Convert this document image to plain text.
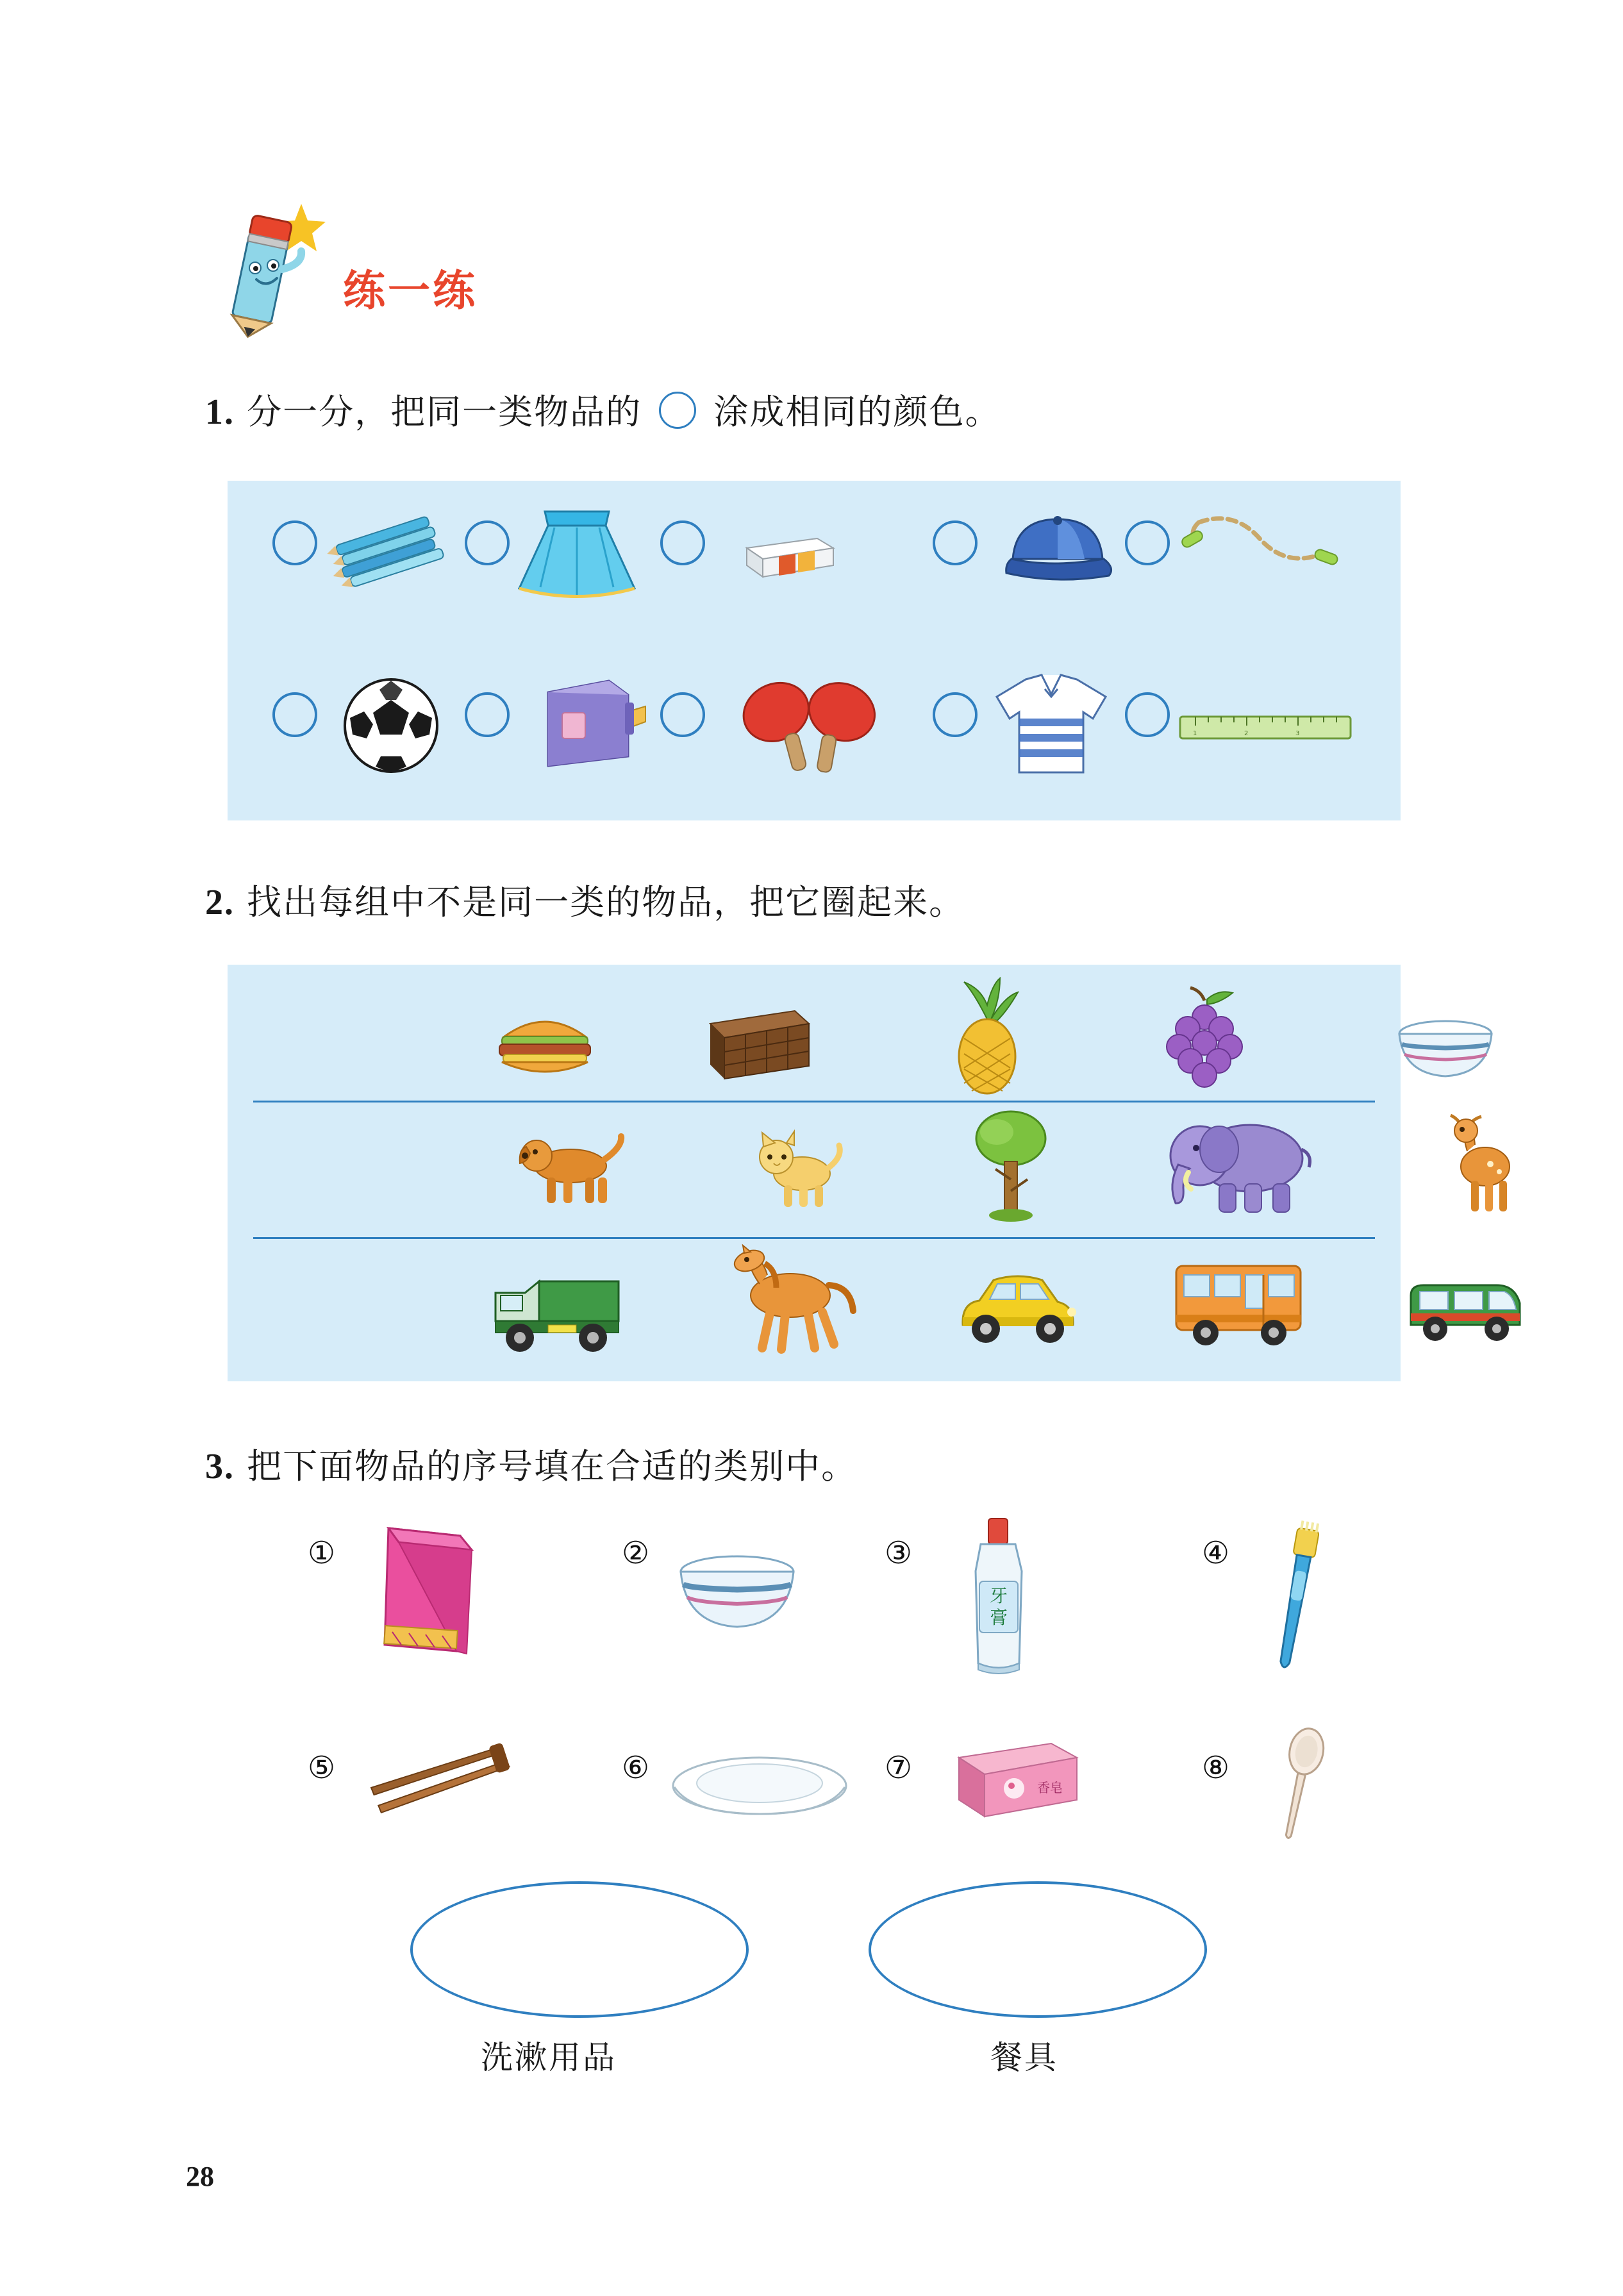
练一练
1. 分一分，把同一类物品的 涂成相同的颜色。
1	2	3
2. 找出每组中不是同一类的物品，把它圈起来。
3. 把下面物品的序号填在合适的类别中。
①	②	③
牙
膏
④
⑤	⑥	⑦
香皂
⑧
洗漱用品	餐具
28
